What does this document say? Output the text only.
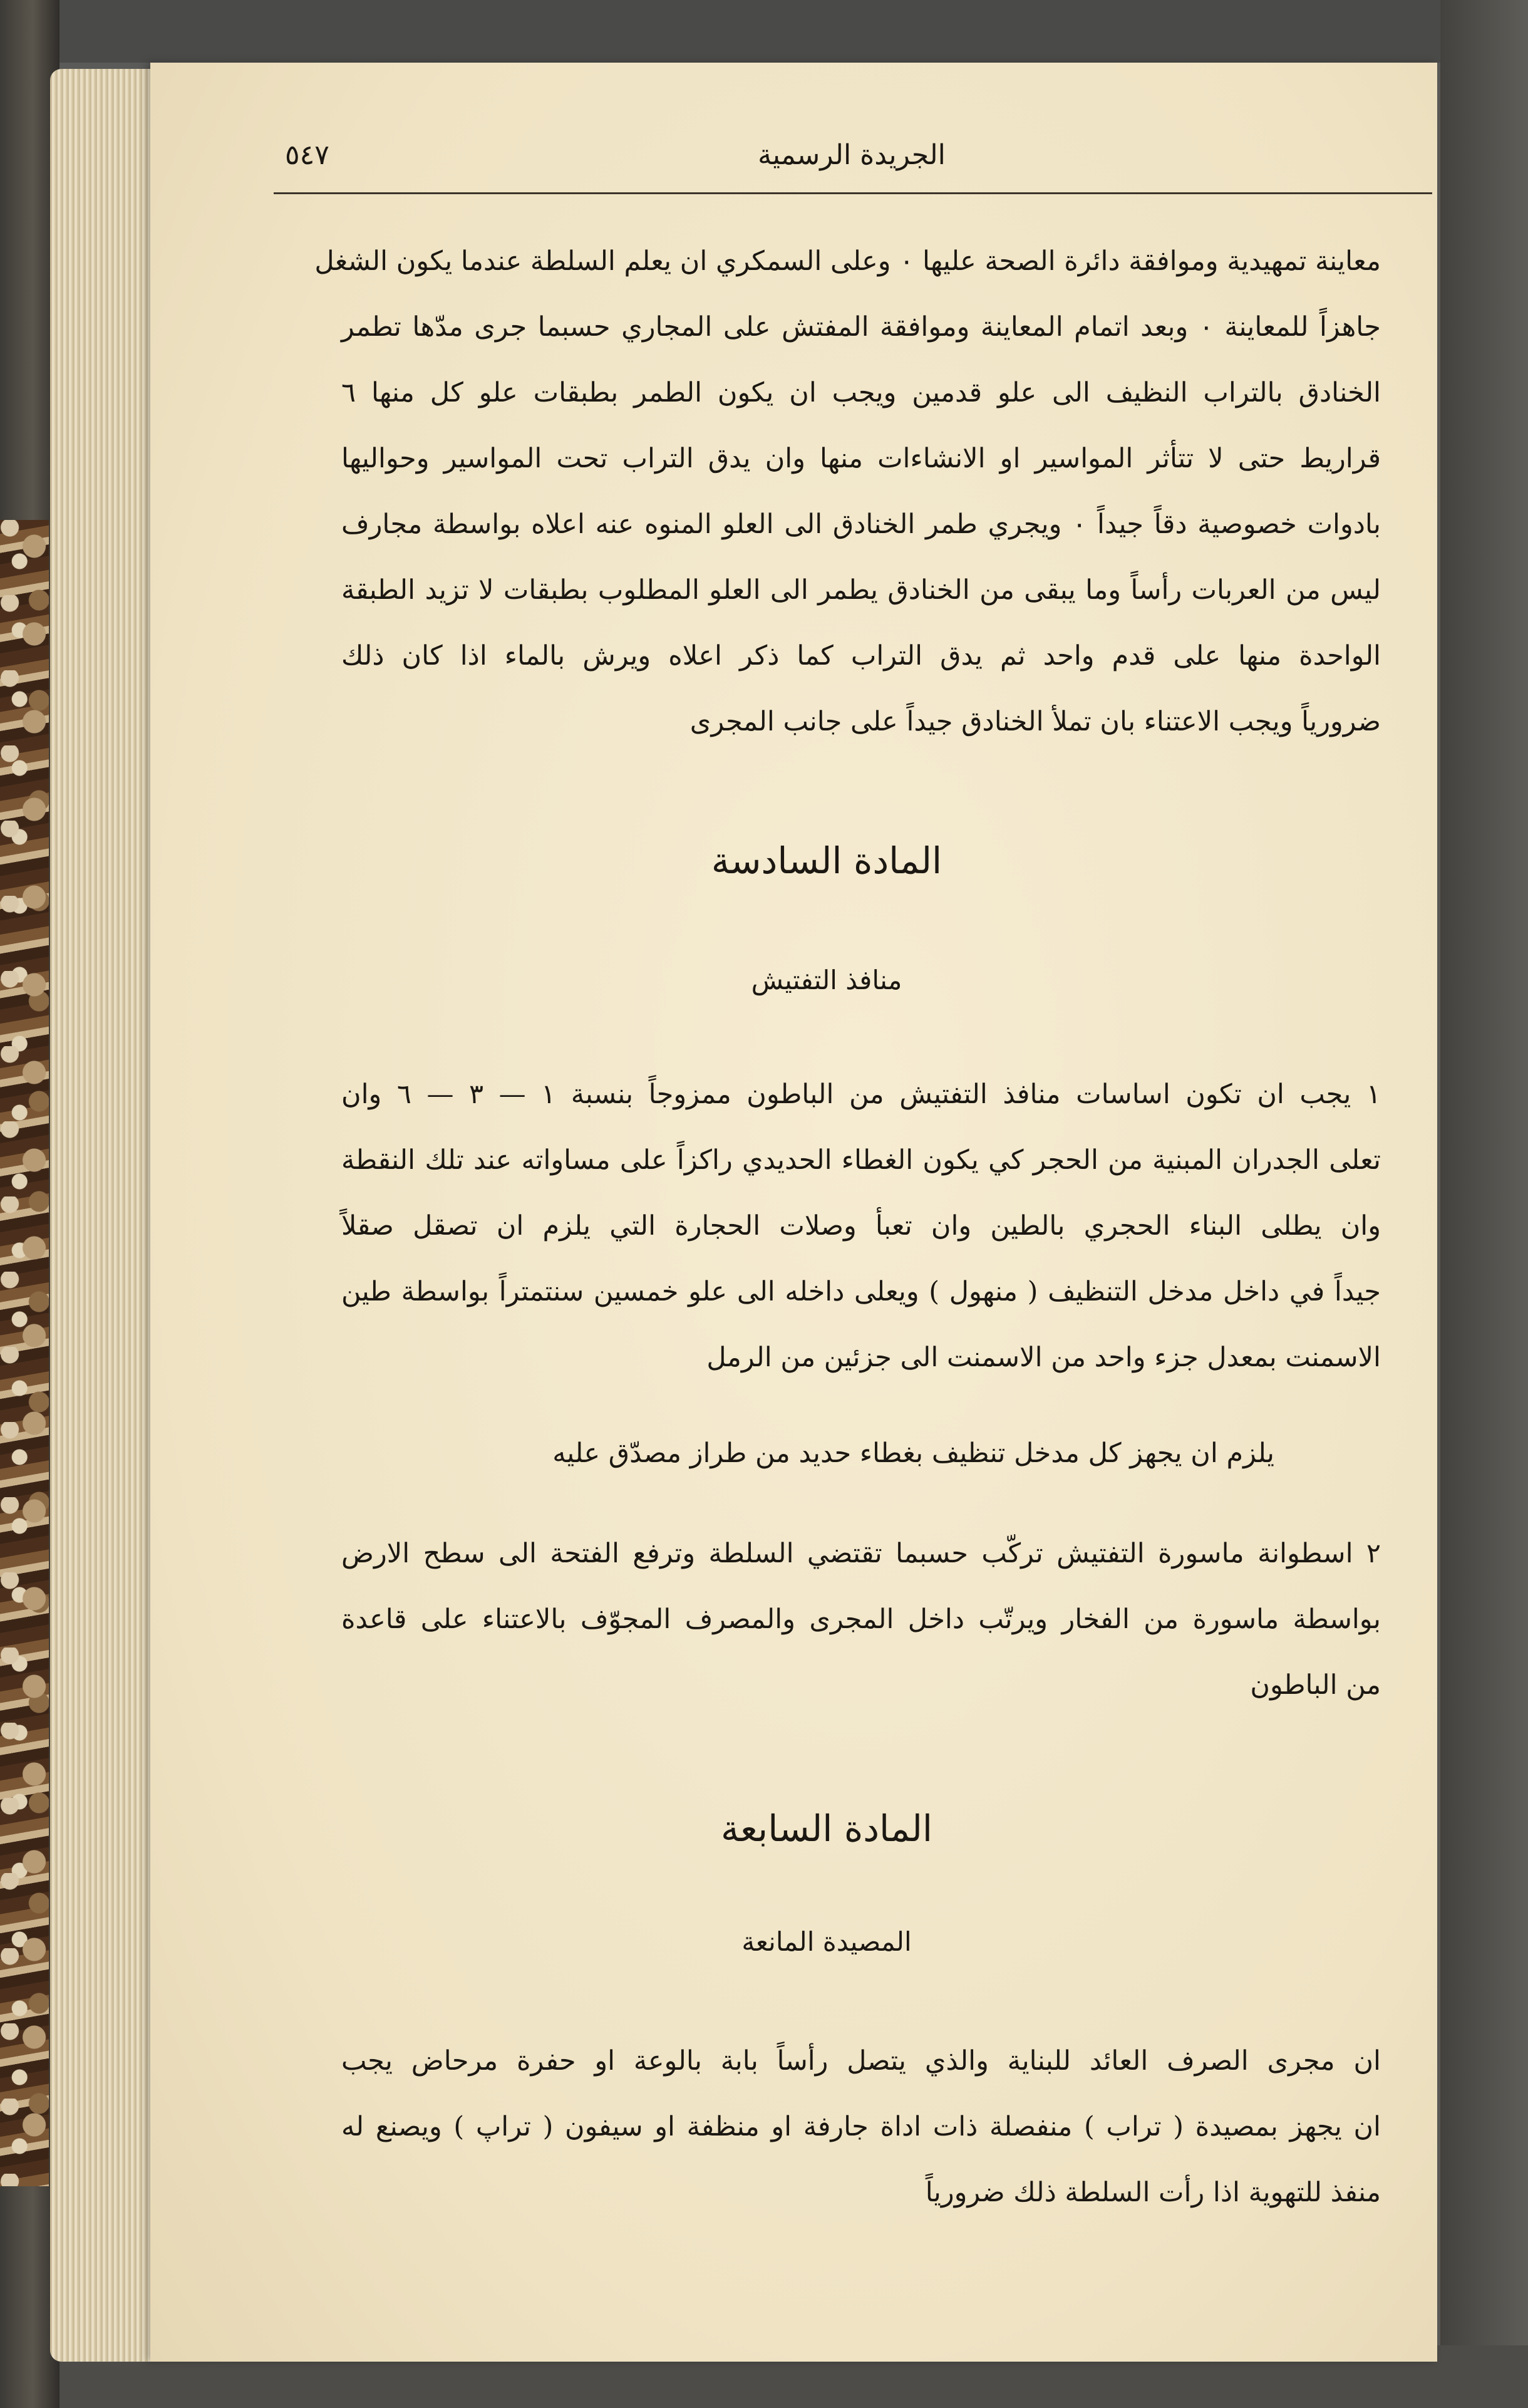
٥٤٧	الجريدة الرسمية
معاينة تمهيدية وموافقة دائرة الصحة عليها ٠ وعلى السمكري ان يعلم السلطة عندما يكون الشغل
جاهزاً للمعاينة ٠ وبعد اتمام المعاينة وموافقة المفتش على المجاري حسبما جرى مدّها تطمر
الخنادق بالتراب النظيف الى علو قدمين ويجب ان يكون الطمر بطبقات علو كل منها ٦
قراريط حتى لا تتأثر المواسير او الانشاءات منها وان يدق التراب تحت المواسير وحواليها
بادوات خصوصية دقاً جيداً ٠ ويجري طمر الخنادق الى العلو المنوه عنه اعلاه بواسطة مجارف
ليس من العربات رأساً وما يبقى من الخنادق يطمر الى العلو المطلوب بطبقات لا تزيد الطبقة
الواحدة منها على قدم واحد ثم يدق التراب كما ذكر اعلاه ويرش بالماء اذا كان ذلك
ضرورياً ويجب الاعتناء بان تملأ الخنادق جيداً على جانب المجرى
المادة السادسة
منافذ التفتيش
١ يجب ان تكون اساسات منافذ التفتيش من الباطون ممزوجاً بنسبة ١ — ٣ — ٦ وان
تعلى الجدران المبنية من الحجر كي يكون الغطاء الحديدي راكزاً على مساواته عند تلك النقطة
وان يطلى البناء الحجري بالطين وان تعبأ وصلات الحجارة التي يلزم ان تصقل صقلاً
جيداً في داخل مدخل التنظيف ( منهول ) ويعلى داخله الى علو خمسين سنتمتراً بواسطة طين
الاسمنت بمعدل جزء واحد من الاسمنت الى جزئين من الرمل
يلزم ان يجهز كل مدخل تنظيف بغطاء حديد من طراز مصدّق عليه
٢ اسطوانة ماسورة التفتيش تركّب حسبما تقتضي السلطة وترفع الفتحة الى سطح الارض
بواسطة ماسورة من الفخار ويرتّب داخل المجرى والمصرف المجوّف بالاعتناء على قاعدة
من الباطون
المادة السابعة
المصيدة المانعة
ان مجرى الصرف العائد للبناية والذي يتصل رأساً بابة بالوعة او حفرة مرحاض يجب
ان يجهز بمصيدة ( تراب ) منفصلة ذات اداة جارفة او منظفة او سيفون ( تراپ ) ويصنع له
منفذ للتهوية اذا رأت السلطة ذلك ضرورياً
